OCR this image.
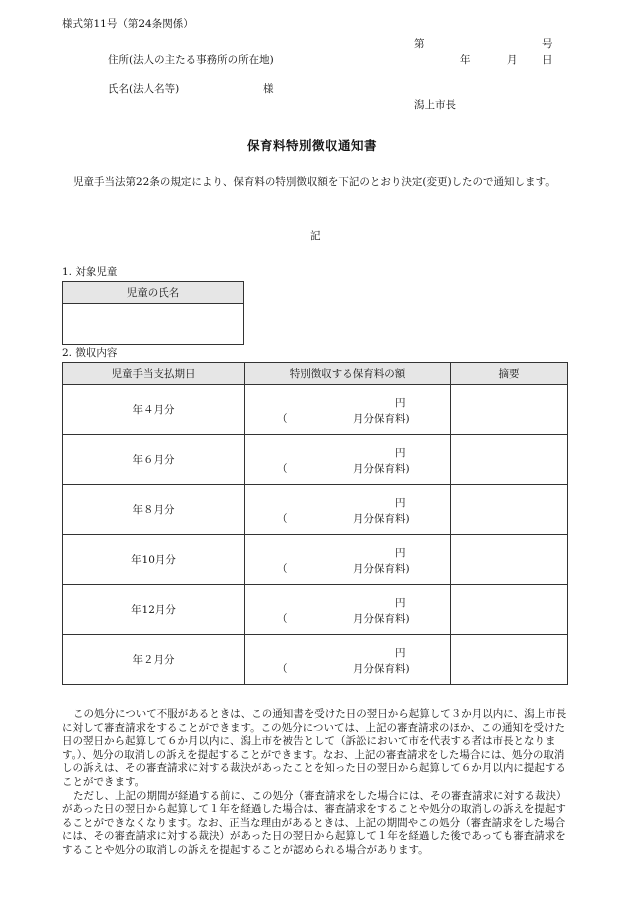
様式第11号（第24条関係）
第	号
住所(法人の主たる事務所の所在地)	年	月 日
氏名(法人名等)	様
潟上市長
保育料特別徴収通知書
児童手当法第22条の規定により、保育料の特別徴収額を下記のとおり決定(変更)したので通知します。
記
1. 対象児童
児童の氏名

2. 徴収内容
児童手当支払期日	特別徴収する保育料の額	摘要
年４月分	円
（ 月分保育料)	

年６月分	円
（ 月分保育料)	

年８月分	円
（ 月分保育料)	

年10月分	円
（ 月分保育料)	

年12月分	円
（ 月分保育料)	

年２月分	円
（ 月分保育料)	

この処分について不服があるときは、この通知書を受けた日の翌日から起算して３か月以内に、潟上市長に対して審査請求をすることができます。この処分については、上記の審査請求のほか、この通知を受けた日の翌日から起算して６か月以内に、潟上市を被告として（訴訟において市を代表する者は市長となります。）、処分の取消しの訴えを提起することができます。なお、上記の審査請求をした場合には、処分の取消しの訴えは、その審査請求に対する裁決があったことを知った日の翌日から起算して６か月以内に提起することができます。

ただし、上記の期間が経過する前に、この処分（審査請求をした場合には、その審査請求に対する裁決）があった日の翌日から起算して１年を経過した場合は、審査請求をすることや処分の取消しの訴えを提起することができなくなります。なお、正当な理由があるときは、上記の期間やこの処分（審査請求をした場合には、その審査請求に対する裁決）があった日の翌日から起算して１年を経過した後であっても審査請求をすることや処分の取消しの訴えを提起することが認められる場合があります。
